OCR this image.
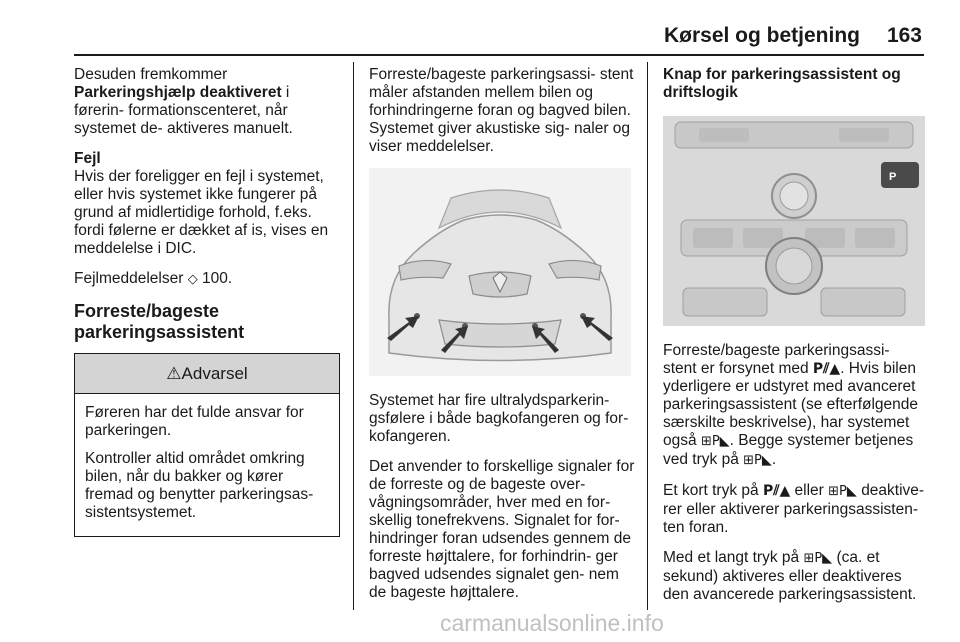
Kørsel og betjening 163

Desuden fremkommer
Parkeringshjælp deaktiveret i førerin- formationscenteret, når systemet de- aktiveres manuelt.

Fejl

Hvis der foreligger en fejl i systemet, eller hvis systemet ikke fungerer på grund af midlertidige forhold, f.eks. fordi følerne er dækket af is, vises en meddelelse i DIC.

Fejlmeddelelser ◇ 100.

Forreste/bageste
parkeringsassistent
⚠ Advarsel

Føreren har det fulde ansvar for parkeringen.

Kontroller altid området omkring bilen, når du bakker og kører fremad og benytter parkeringsas- sistentsystemet.

Forreste/bageste parkeringsassi- stent måler afstanden mellem bilen og forhindringerne foran og bagved bilen. Systemet giver akustiske sig- naler og viser meddelelser.

Systemet har fire ultralydsparkerin- gsfølere i både bagkofangeren og for- kofangeren.

Det anvender to forskellige signaler for de forreste og de bageste over- vågningsområder, hver med en for- skellig tonefrekvens. Signalet for for- hindringer foran udsendes gennem de forreste højttalere, for forhindrin- ger bagved udsendes signalet gen- nem de bageste højttalere.

Knap for parkeringsassistent og driftslogik
P

Forreste/bageste parkeringsassi- stent er forsynet med P⫽▲. Hvis bilen yderligere er udstyret med avanceret parkeringsassistent (se efterfølgende særskilte beskrivelse), har systemet også ⊞P◣. Begge systemer betjenes ved tryk på ⊞P◣.

Et kort tryk på P⫽▲ eller ⊞P◣ deaktive- rer eller aktiverer parkeringsassisten- ten foran.

Med et langt tryk på ⊞P◣ (ca. et sekund) aktiveres eller deaktiveres den avancerede parkeringsassistent.

carmanualsonline.info
